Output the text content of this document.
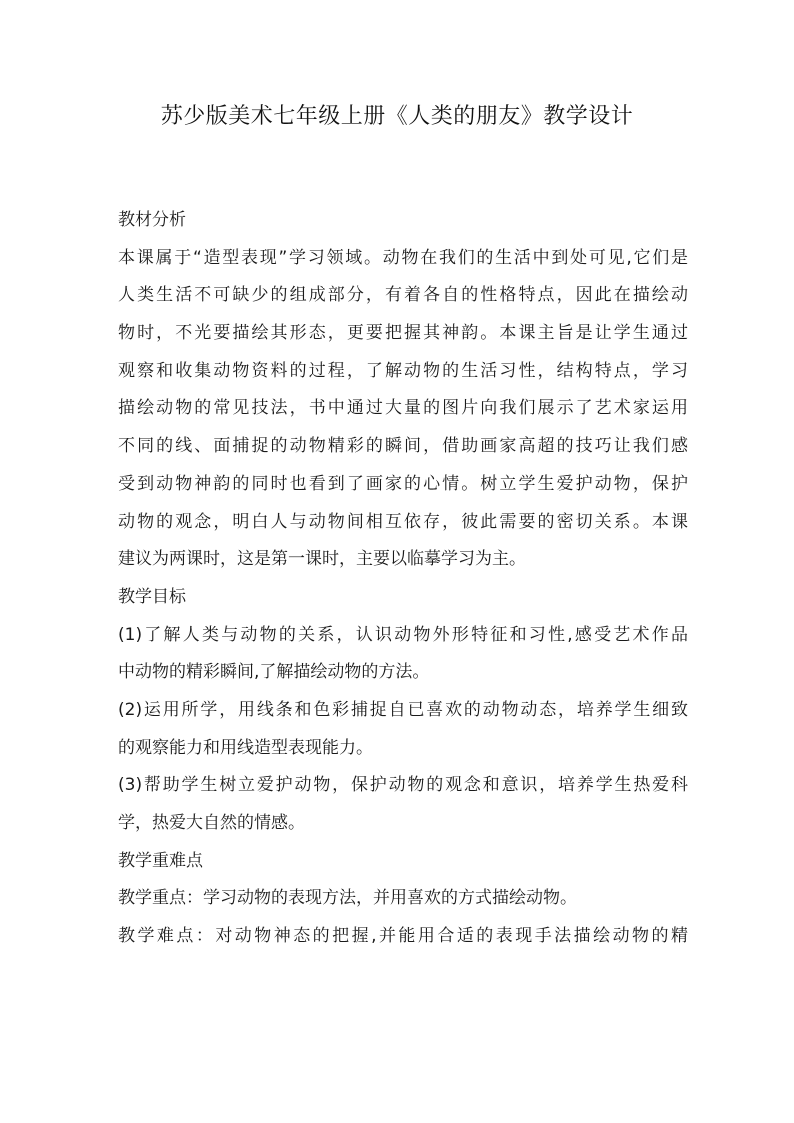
苏少版美术七年级上册《人类的朋友》教学设计
教材分析
本课属于“造型表现”学习领域。动物在我们的生活中到处可见,它们是
人类生活不可缺少的组成部分，有着各自的性格特点，因此在描绘动
物时，不光要描绘其形态，更要把握其神韵。本课主旨是让学生通过
观察和收集动物资料的过程，了解动物的生活习性，结构特点，学习
描绘动物的常见技法，书中通过大量的图片向我们展示了艺术家运用
不同的线、面捕捉的动物精彩的瞬间，借助画家高超的技巧让我们感
受到动物神韵的同时也看到了画家的心情。树立学生爱护动物，保护
动物的观念，明白人与动物间相互依存，彼此需要的密切关系。本课
建议为两课时，这是第一课时，主要以临摹学习为主。
教学目标
(1)了解人类与动物的关系，认识动物外形特征和习性,感受艺术作品
中动物的精彩瞬间,了解描绘动物的方法。
(2)运用所学，用线条和色彩捕捉自已喜欢的动物动态，培养学生细致
的观察能力和用线造型表现能力。
(3)帮助学生树立爱护动物，保护动物的观念和意识，培养学生热爱科
学，热爱大自然的情感。
教学重难点
教学重点：学习动物的表现方法，并用喜欢的方式描绘动物。
教学难点：对动物神态的把握,并能用合适的表现手法描绘动物的精
